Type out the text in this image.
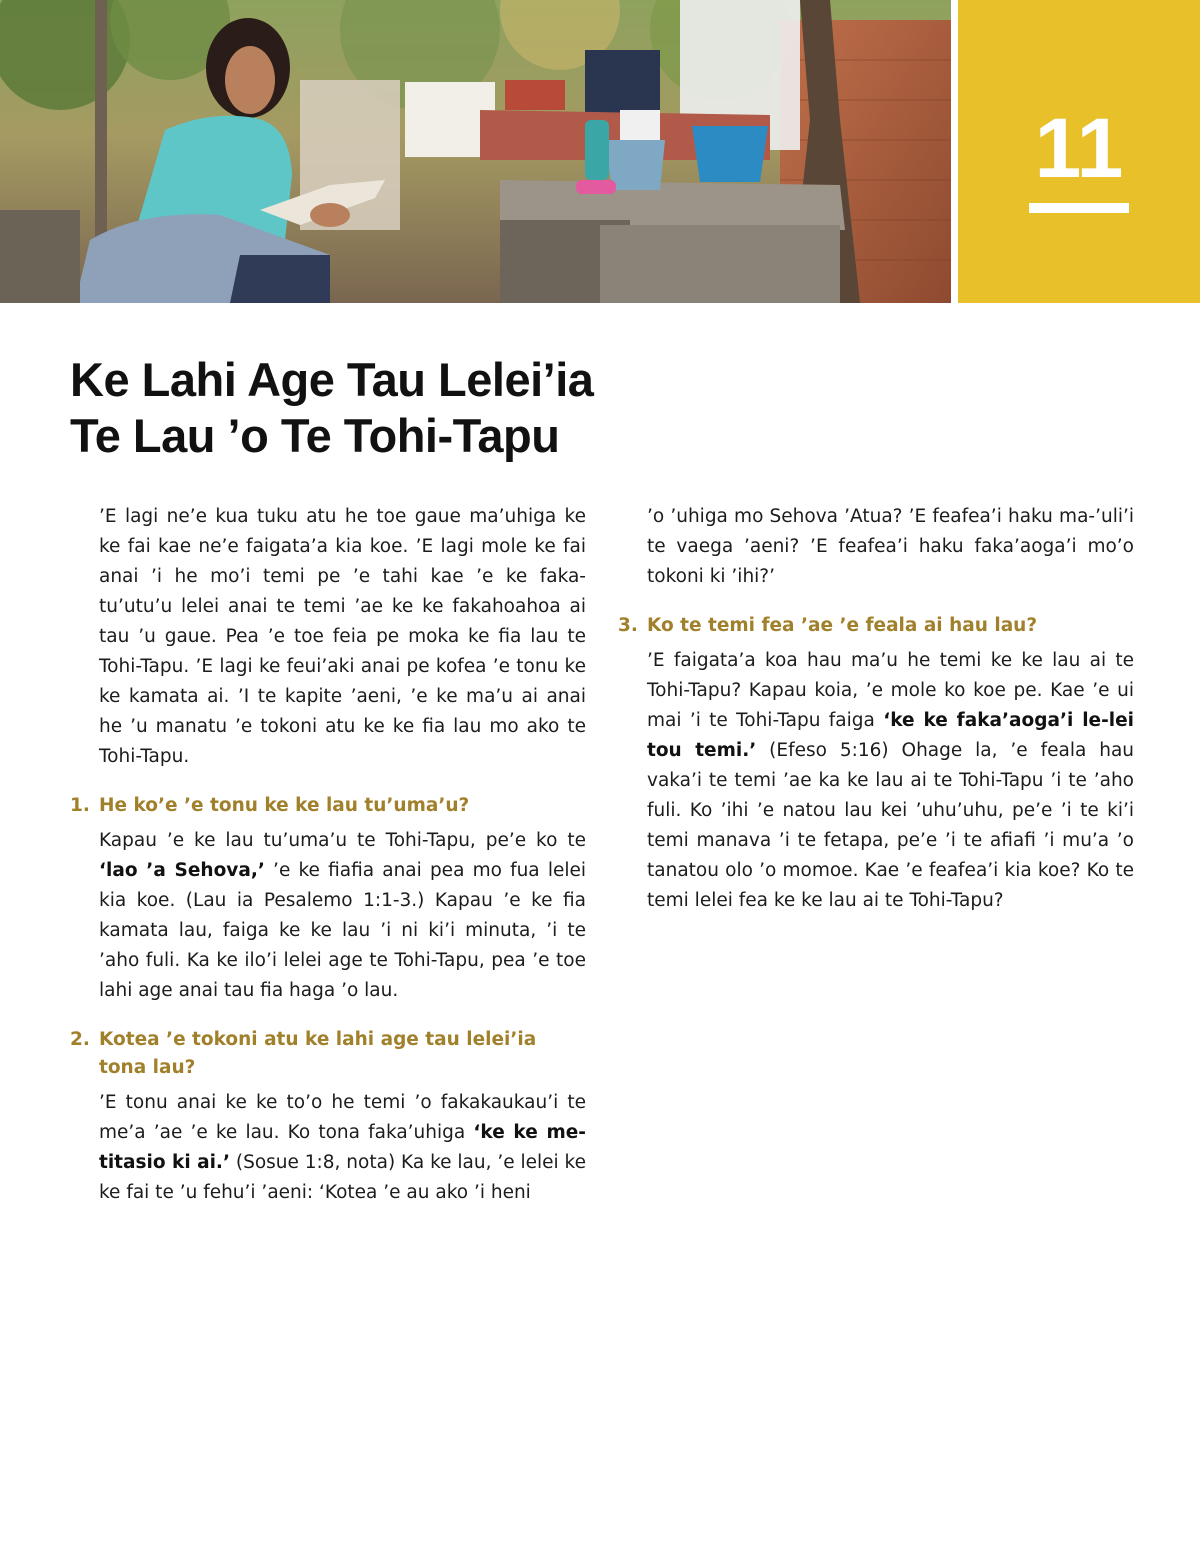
11
Ke Lahi Age Tau Lelei’ia
Te Lau ’o Te Tohi-Tapu

’E lagi ne’e kua tuku atu he toe gaue ma’uhiga ke ke fai kae ne’e faigata’a kia koe. ’E lagi mole ke fai anai ’i he mo’i temi pe ’e tahi kae ’e ke faka-tu’utu’u lelei anai te temi ’ae ke ke fakahoahoa ai tau ’u gaue. Pea ’e toe feia pe moka ke fia lau te Tohi-Tapu. ’E lagi ke feui’aki anai pe kofea ’e tonu ke ke kamata ai. ’I te kapite ’aeni, ’e ke ma’u ai anai he ’u manatu ’e tokoni atu ke ke fia lau mo ako te Tohi-Tapu.

1. He ko’e ’e tonu ke ke lau tu’uma’u?

Kapau ’e ke lau tu’uma’u te Tohi-Tapu, pe’e ko te ‘lao ’a Sehova,’ ’e ke fiafia anai pea mo fua lelei kia koe. (Lau ia Pesalemo 1:1-3.) Kapau ’e ke fia kamata lau, faiga ke ke lau ’i ni ki’i minuta, ’i te ’aho fuli. Ka ke ilo’i lelei age te Tohi-Tapu, pea ’e toe lahi age anai tau fia haga ’o lau.

2. Kotea ’e tokoni atu ke lahi age tau lelei’ia tona lau?

’E tonu anai ke ke to’o he temi ’o fakakaukau’i te me’a ’ae ’e ke lau. Ko tona faka’uhiga ‘ke ke me-titasio ki ai.’ (Sosue 1:8, nota) Ka ke lau, ’e lelei ke ke fai te ’u fehu’i ’aeni: ‘Kotea ’e au ako ’i heni

’o ’uhiga mo Sehova ’Atua? ’E feafea’i haku ma-’uli’i te vaega ’aeni? ’E feafea’i haku faka’aoga’i mo’o tokoni ki ’ihi?’

3. Ko te temi fea ’ae ’e feala ai hau lau?

’E faigata’a koa hau ma’u he temi ke ke lau ai te Tohi-Tapu? Kapau koia, ’e mole ko koe pe. Kae ’e ui mai ’i te Tohi-Tapu faiga ‘ke ke faka’aoga’i le-lei tou temi.’ (Efeso 5:16) Ohage la, ’e feala hau vaka’i te temi ’ae ka ke lau ai te Tohi-Tapu ’i te ’aho fuli. Ko ’ihi ’e natou lau kei ’uhu’uhu, pe’e ’i te ki’i temi manava ’i te fetapa, pe’e ’i te afiafi ’i mu’a ’o tanatou olo ’o momoe. Kae ’e feafea’i kia koe? Ko te temi lelei fea ke ke lau ai te Tohi-Tapu?
